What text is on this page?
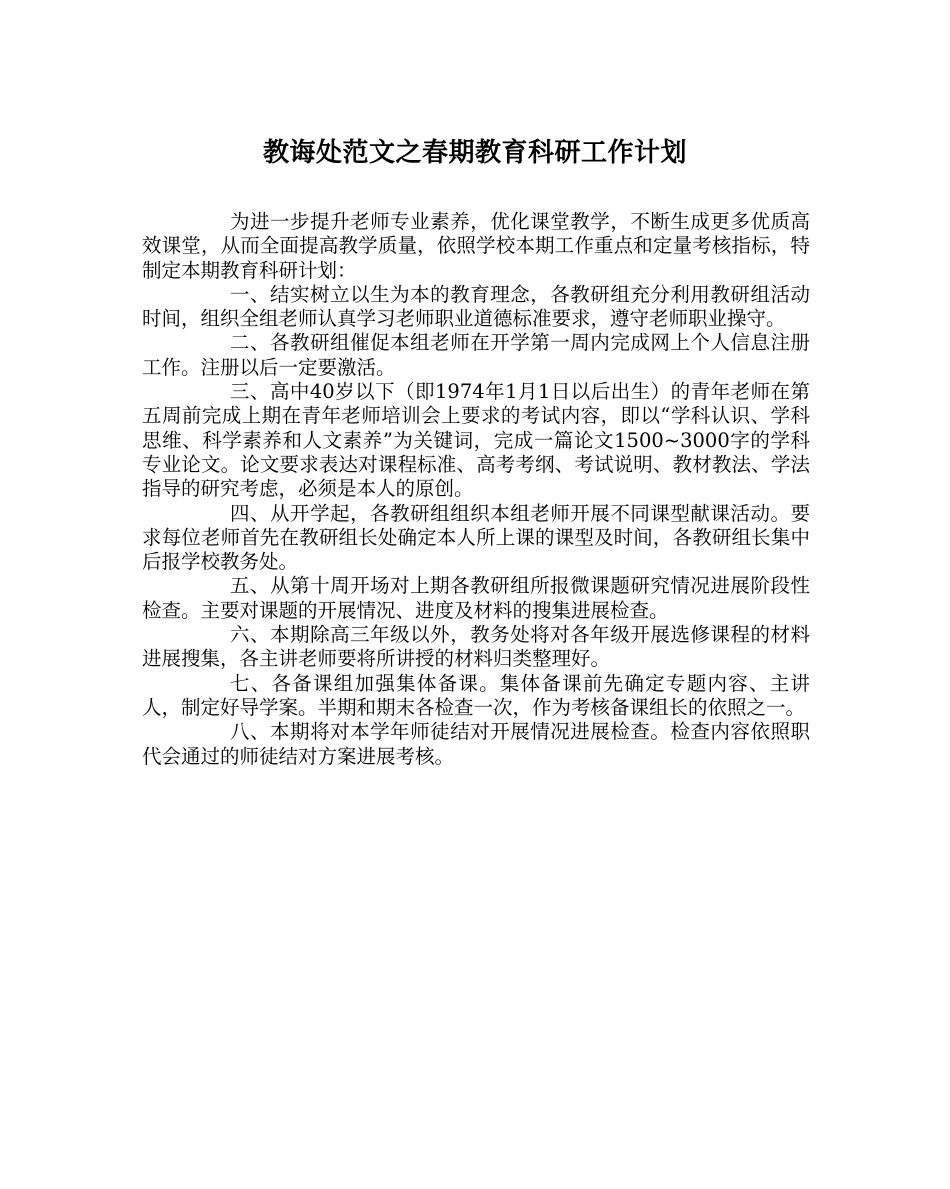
教诲处范文之春期教育科研工作计划

为进一步提升老师专业素养，优化课堂教学，不断生成更多优质高效课堂，从而全面提高教学质量，依照学校本期工作重点和定量考核指标，特制定本期教育科研计划：

一、结实树立以生为本的教育理念，各教研组充分利用教研组活动时间，组织全组老师认真学习老师职业道德标准要求，遵守老师职业操守。

二、各教研组催促本组老师在开学第一周内完成网上个人信息注册工作。注册以后一定要激活。

三、高中40岁以下（即1974年1月1日以后出生）的青年老师在第五周前完成上期在青年老师培训会上要求的考试内容，即以“学科认识、学科思维、科学素养和人文素养”为关键词，完成一篇论文1500~3000字的学科专业论文。论文要求表达对课程标准、高考考纲、考试说明、教材教法、学法指导的研究考虑，必须是本人的原创。

四、从开学起，各教研组组织本组老师开展不同课型献课活动。要求每位老师首先在教研组长处确定本人所上课的课型及时间，各教研组长集中后报学校教务处。

五、从第十周开场对上期各教研组所报微课题研究情况进展阶段性检查。主要对课题的开展情况、进度及材料的搜集进展检查。

六、本期除高三年级以外，教务处将对各年级开展选修课程的材料进展搜集，各主讲老师要将所讲授的材料归类整理好。

七、各备课组加强集体备课。集体备课前先确定专题内容、主讲人，制定好导学案。半期和期末各检查一次，作为考核备课组长的依照之一。

八、本期将对本学年师徒结对开展情况进展检查。检查内容依照职代会通过的师徒结对方案进展考核。
